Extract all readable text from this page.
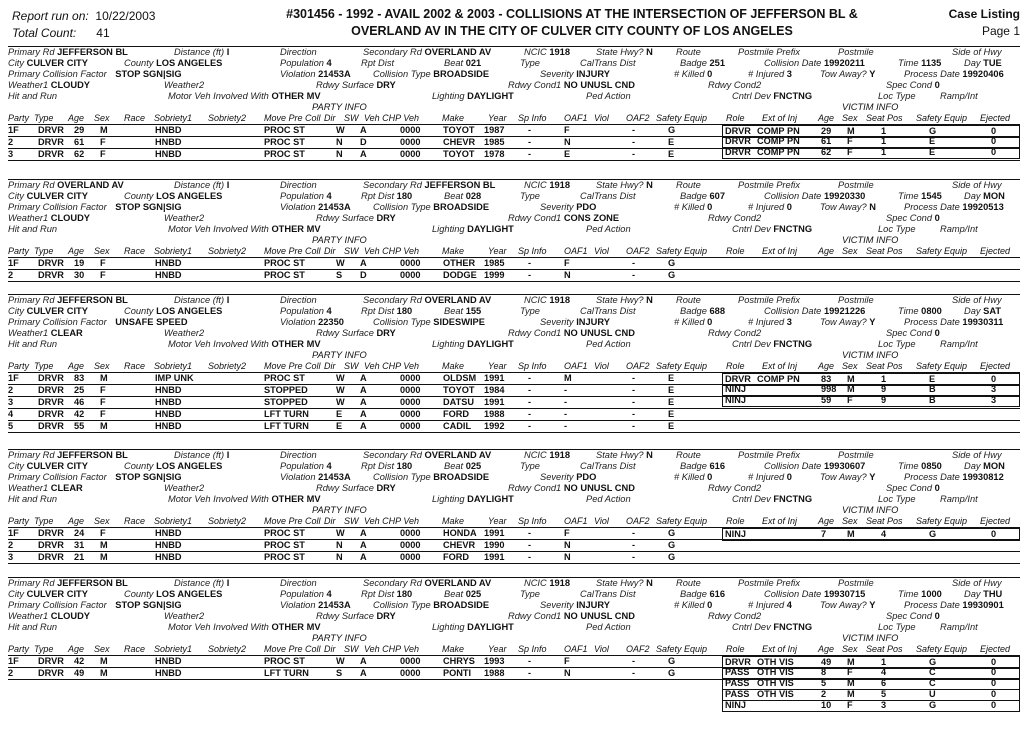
Report run on: 10/22/2003
Total Count: 41
#301456 - 1992 - AVAIL 2002 & 2003 - COLLISIONS AT THE INTERSECTION OF JEFFERSON BL &
OVERLAND AV IN THE CITY OF CULVER CITY COUNTY OF LOS ANGELES
Case Listing
Page 1
Primary Rd JEFFERSON BL	Distance (ft) I	Direction	Secondary Rd OVERLAND AV	NCIC 1918	State Hwy? N Route	Postmile Prefix	Postmile	Side of Hwy
City CULVER CITY	County LOS ANGELES	Population 4	Rpt Dist	Beat 021	Type	CalTrans Dist	Badge 251	Collision Date 19920211	Time 1135 Day TUE
Primary Collision Factor STOP SGN|SIG	Violation 21453A Collision Type BROADSIDE	Severity INJURY	# Killed 0	# Injured 3	Tow Away? Y	Process Date 19920406
Weather1 CLOUDY	Weather2	Rdwy Surface DRY	Rdwy Cond1 NO UNUSL CND	Rdwy Cond2	Spec Cond 0
Hit and Run	Motor Veh Involved With OTHER MV	Lighting DAYLIGHT	Ped Action	Cntrl Dev FNCTNG	Loc Type	Ramp/Int
PARTY INFO	VICTIM INFO
Party Type Age Sex Race Sobriety1 Sobriety2 Move Pre Coll Dir SW Veh CHP Veh	Make	Year Sp Info OAF1 Viol OAF2 Safety Equip Role Ext of Inj Age Sex Seat Pos Safety Equip Ejected
1F DRVR 29 M	HNBD	PROC ST	W A	0000 TOYOT 1987	-	F	-	G
2	DRVR 61 F	HNBD	PROC ST	N D	0000 CHEVR 1985	-	N	-	E
3	DRVR 62 F	HNBD	PROC ST	N A	0000 TOYOT 1978	-	E	-	E
DRVR COMP PN 29 M	1	G	0
DRVR COMP PN 61 F	1	E	0
DRVR COMP PN 62 F	1	E	0
Primary Rd OVERLAND AV	Distance (ft) I	Direction	Secondary Rd JEFFERSON BL	NCIC 1918	State Hwy? N Route	Postmile Prefix	Postmile	Side of Hwy
City CULVER CITY	County LOS ANGELES	Population 4	Rpt Dist 180	Beat 028	Type	CalTrans Dist	Badge 607	Collision Date 19920330	Time 1545 Day MON
Primary Collision Factor STOP SGN|SIG	Violation 21453A Collision Type BROADSIDE	Severity PDO	# Killed 0	# Injured 0	Tow Away? N	Process Date 19920513
Weather1 CLOUDY	Weather2	Rdwy Surface DRY	Rdwy Cond1 CONS ZONE	Rdwy Cond2	Spec Cond 0
Hit and Run	Motor Veh Involved With OTHER MV	Lighting DAYLIGHT	Ped Action	Cntrl Dev FNCTNG	Loc Type	Ramp/Int
PARTY INFO	VICTIM INFO
Party Type Age Sex Race Sobriety1 Sobriety2 Move Pre Coll Dir SW Veh CHP Veh	Make	Year Sp Info OAF1 Viol OAF2 Safety Equip Role Ext of Inj Age Sex Seat Pos Safety Equip Ejected
1F DRVR 19 F	HNBD	PROC ST	W A	0000 OTHER 1985	-	F	-	G
2	DRVR 30 F	HNBD	PROC ST	S D	0000 DODGE 1999	-	N	-	G
Primary Rd JEFFERSON BL	Distance (ft) I	Direction	Secondary Rd OVERLAND AV	NCIC 1918	State Hwy? N Route	Postmile Prefix	Postmile	Side of Hwy
City CULVER CITY	County LOS ANGELES	Population 4	Rpt Dist 180	Beat 155	Type	CalTrans Dist	Badge 688	Collision Date 19921226	Time 0800 Day SAT
Primary Collision Factor UNSAFE SPEED	Violation 22350	Collision Type SIDESWIPE	Severity INJURY	# Killed 0	# Injured 3	Tow Away? Y	Process Date 19930311
Weather1 CLEAR	Weather2	Rdwy Surface DRY	Rdwy Cond1 NO UNUSL CND	Rdwy Cond2	Spec Cond 0
Hit and Run	Motor Veh Involved With OTHER MV	Lighting DAYLIGHT	Ped Action	Cntrl Dev FNCTNG	Loc Type	Ramp/Int
PARTY INFO	VICTIM INFO
Party Type Age Sex Race Sobriety1 Sobriety2 Move Pre Coll Dir SW Veh CHP Veh	Make	Year Sp Info OAF1 Viol OAF2 Safety Equip Role Ext of Inj Age Sex Seat Pos Safety Equip Ejected
1F DRVR 83 M	IMP UNK	PROC ST	W A	0000 OLDSM 1991	-	M	-	E
2	DRVR 25 F	HNBD	STOPPED	W A	0000 TOYOT 1984	-	-	-	E
3	DRVR 46 F	HNBD	STOPPED	W A	0000 DATSU 1991	-	-	-	E
4	DRVR 42 F	HNBD	LFT TURN	E A	0000 FORD 1988	-	-	-	E
5	DRVR 55 M	HNBD	LFT TURN	E A	0000 CADIL 1992	-	-	-	E
DRVR COMP PN 83 M	1	E	0
NINJ	998 M	9	B	3
NINJ	59 F	9	B	3
Primary Rd JEFFERSON BL	Distance (ft) I	Direction	Secondary Rd OVERLAND AV	NCIC 1918	State Hwy? N Route	Postmile Prefix	Postmile	Side of Hwy
City CULVER CITY	County LOS ANGELES	Population 4	Rpt Dist 180	Beat 025	Type	CalTrans Dist	Badge 616	Collision Date 19930607	Time 0850 Day MON
Primary Collision Factor STOP SGN|SIG	Violation 21453A Collision Type BROADSIDE	Severity PDO	# Killed 0	# Injured 0	Tow Away? Y	Process Date 19930812
Weather1 CLEAR	Weather2	Rdwy Surface DRY	Rdwy Cond1 NO UNUSL CND	Rdwy Cond2	Spec Cond 0
Hit and Run	Motor Veh Involved With OTHER MV	Lighting DAYLIGHT	Ped Action	Cntrl Dev FNCTNG	Loc Type	Ramp/Int
PARTY INFO	VICTIM INFO
Party Type Age Sex Race Sobriety1 Sobriety2 Move Pre Coll Dir SW Veh CHP Veh	Make	Year Sp Info OAF1 Viol OAF2 Safety Equip Role Ext of Inj Age Sex Seat Pos Safety Equip Ejected
1F DRVR 24 F	HNBD	PROC ST	W A	0000 HONDA 1991	-	F	-	G
2	DRVR 31 M	HNBD	PROC ST	N A	0000 CHEVR 1990	-	N	-	G
3	DRVR 21 M	HNBD	PROC ST	N A	0000 FORD 1991	-	N	-	G
NINJ	7 M	4	G	0
Primary Rd JEFFERSON BL	Distance (ft) I	Direction	Secondary Rd OVERLAND AV	NCIC 1918	State Hwy? N Route	Postmile Prefix	Postmile	Side of Hwy
City CULVER CITY	County LOS ANGELES	Population 4	Rpt Dist 180	Beat 025	Type	CalTrans Dist	Badge 616	Collision Date 19930715	Time 1000 Day THU
Primary Collision Factor STOP SGN|SIG	Violation 21453A Collision Type BROADSIDE	Severity INJURY	# Killed 0	# Injured 4	Tow Away? Y	Process Date 19930901
Weather1 CLOUDY	Weather2	Rdwy Surface DRY	Rdwy Cond1 NO UNUSL CND	Rdwy Cond2	Spec Cond 0
Hit and Run	Motor Veh Involved With OTHER MV	Lighting DAYLIGHT	Ped Action	Cntrl Dev FNCTNG	Loc Type	Ramp/Int
PARTY INFO	VICTIM INFO
Party Type Age Sex Race Sobriety1 Sobriety2 Move Pre Coll Dir SW Veh CHP Veh	Make	Year Sp Info OAF1 Viol OAF2 Safety Equip Role Ext of Inj Age Sex Seat Pos Safety Equip Ejected
1F DRVR 42 M	HNBD	PROC ST	W A	0000 CHRYS 1993	-	F	-	G
2	DRVR 49 M	HNBD	LFT TURN	S A	0000 PONTI 1988	-	N	-	G
DRVR OTH VIS	49 M	1	G	0
PASS OTH VIS	8 F	4	C	0
PASS OTH VIS	5 M	6	C	0
PASS OTH VIS	2 M	5	U	0
NINJ	10 F	3	G	0
